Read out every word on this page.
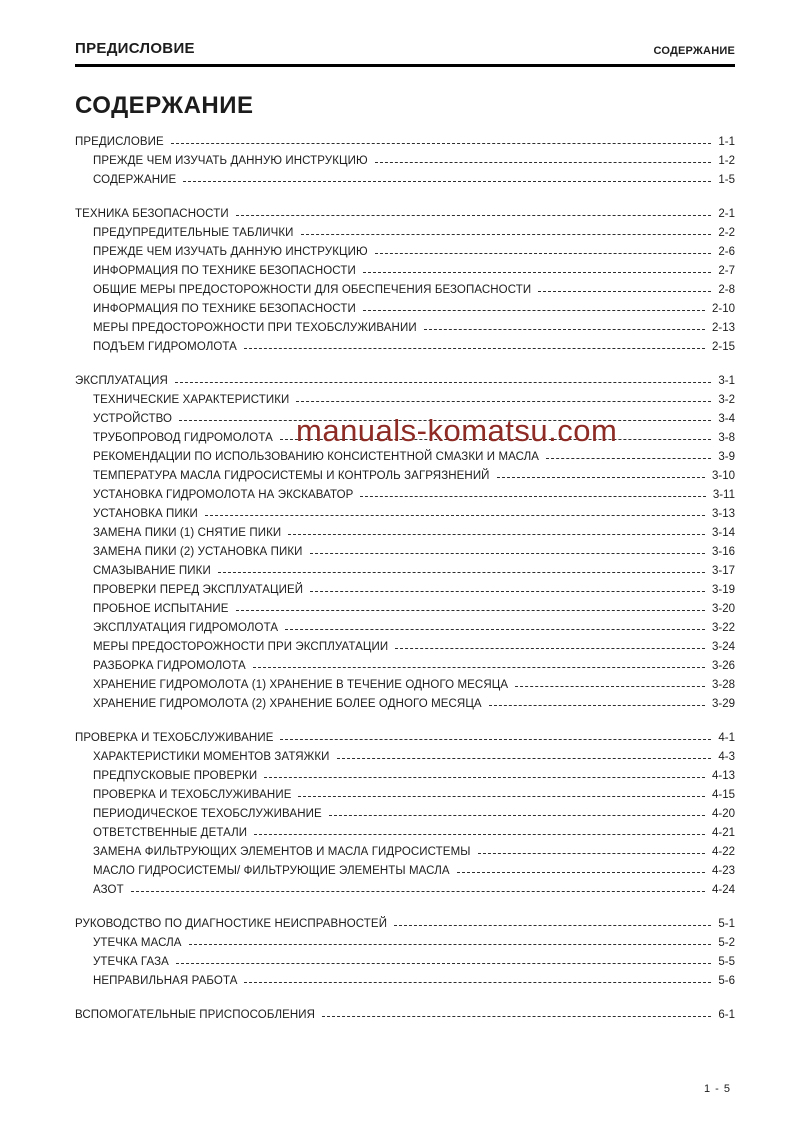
ПРЕДИСЛОВИЕ	СОДЕРЖАНИЕ
СОДЕРЖАНИЕ
ПРЕДИСЛОВИЕ	1-1
ПРЕЖДЕ ЧЕМ ИЗУЧАТЬ ДАННУЮ ИНСТРУКЦИЮ	1-2
СОДЕРЖАНИЕ	1-5
ТЕХНИКА БЕЗОПАСНОСТИ	2-1
ПРЕДУПРЕДИТЕЛЬНЫЕ ТАБЛИЧКИ	2-2
ПРЕЖДЕ ЧЕМ ИЗУЧАТЬ ДАННУЮ ИНСТРУКЦИЮ	2-6
ИНФОРМАЦИЯ ПО ТЕХНИКЕ БЕЗОПАСНОСТИ	2-7
ОБЩИЕ МЕРЫ ПРЕДОСТОРОЖНОСТИ ДЛЯ ОБЕСПЕЧЕНИЯ БЕЗОПАСНОСТИ	2-8
ИНФОРМАЦИЯ ПО ТЕХНИКЕ БЕЗОПАСНОСТИ	2-10
МЕРЫ ПРЕДОСТОРОЖНОСТИ ПРИ ТЕХОБСЛУЖИВАНИИ	2-13
ПОДЪЕМ ГИДРОМОЛОТА	2-15
ЭКСПЛУАТАЦИЯ	3-1
ТЕХНИЧЕСКИЕ ХАРАКТЕРИСТИКИ	3-2
УСТРОЙСТВО	3-4
ТРУБОПРОВОД ГИДРОМОЛОТА	3-8
РЕКОМЕНДАЦИИ ПО ИСПОЛЬЗОВАНИЮ КОНСИСТЕНТНОЙ СМАЗКИ И МАСЛА	3-9
ТЕМПЕРАТУРА МАСЛА ГИДРОСИСТЕМЫ И КОНТРОЛЬ ЗАГРЯЗНЕНИЙ	3-10
УСТАНОВКА ГИДРОМОЛОТА НА ЭКСКАВАТОР	3-11
УСТАНОВКА ПИКИ	3-13
ЗАМЕНА ПИКИ (1) СНЯТИЕ ПИКИ	3-14
ЗАМЕНА ПИКИ (2) УСТАНОВКА ПИКИ	3-16
СМАЗЫВАНИЕ ПИКИ	3-17
ПРОВЕРКИ ПЕРЕД ЭКСПЛУАТАЦИЕЙ	3-19
ПРОБНОЕ ИСПЫТАНИЕ	3-20
ЭКСПЛУАТАЦИЯ ГИДРОМОЛОТА	3-22
МЕРЫ ПРЕДОСТОРОЖНОСТИ ПРИ ЭКСПЛУАТАЦИИ	3-24
РАЗБОРКА ГИДРОМОЛОТА	3-26
ХРАНЕНИЕ ГИДРОМОЛОТА (1) ХРАНЕНИЕ В ТЕЧЕНИЕ ОДНОГО МЕСЯЦА	3-28
ХРАНЕНИЕ ГИДРОМОЛОТА (2) ХРАНЕНИЕ БОЛЕЕ ОДНОГО МЕСЯЦА	3-29
ПРОВЕРКА И ТЕХОБСЛУЖИВАНИЕ	4-1
ХАРАКТЕРИСТИКИ МОМЕНТОВ ЗАТЯЖКИ	4-3
ПРЕДПУСКОВЫЕ ПРОВЕРКИ	4-13
ПРОВЕРКА И ТЕХОБСЛУЖИВАНИЕ	4-15
ПЕРИОДИЧЕСКОЕ ТЕХОБСЛУЖИВАНИЕ	4-20
ОТВЕТСТВЕННЫЕ ДЕТАЛИ	4-21
ЗАМЕНА ФИЛЬТРУЮЩИХ ЭЛЕМЕНТОВ И МАСЛА ГИДРОСИСТЕМЫ	4-22
МАСЛО ГИДРОСИСТЕМЫ/ ФИЛЬТРУЮЩИЕ ЭЛЕМЕНТЫ МАСЛА	4-23
АЗОТ	4-24
РУКОВОДСТВО ПО ДИАГНОСТИКЕ НЕИСПРАВНОСТЕЙ	5-1
УТЕЧКА МАСЛА	5-2
УТЕЧКА ГАЗА	5-5
НЕПРАВИЛЬНАЯ РАБОТА	5-6
ВСПОМОГАТЕЛЬНЫЕ ПРИСПОСОБЛЕНИЯ	6-1
manuals-komatsu.com
1 - 5
